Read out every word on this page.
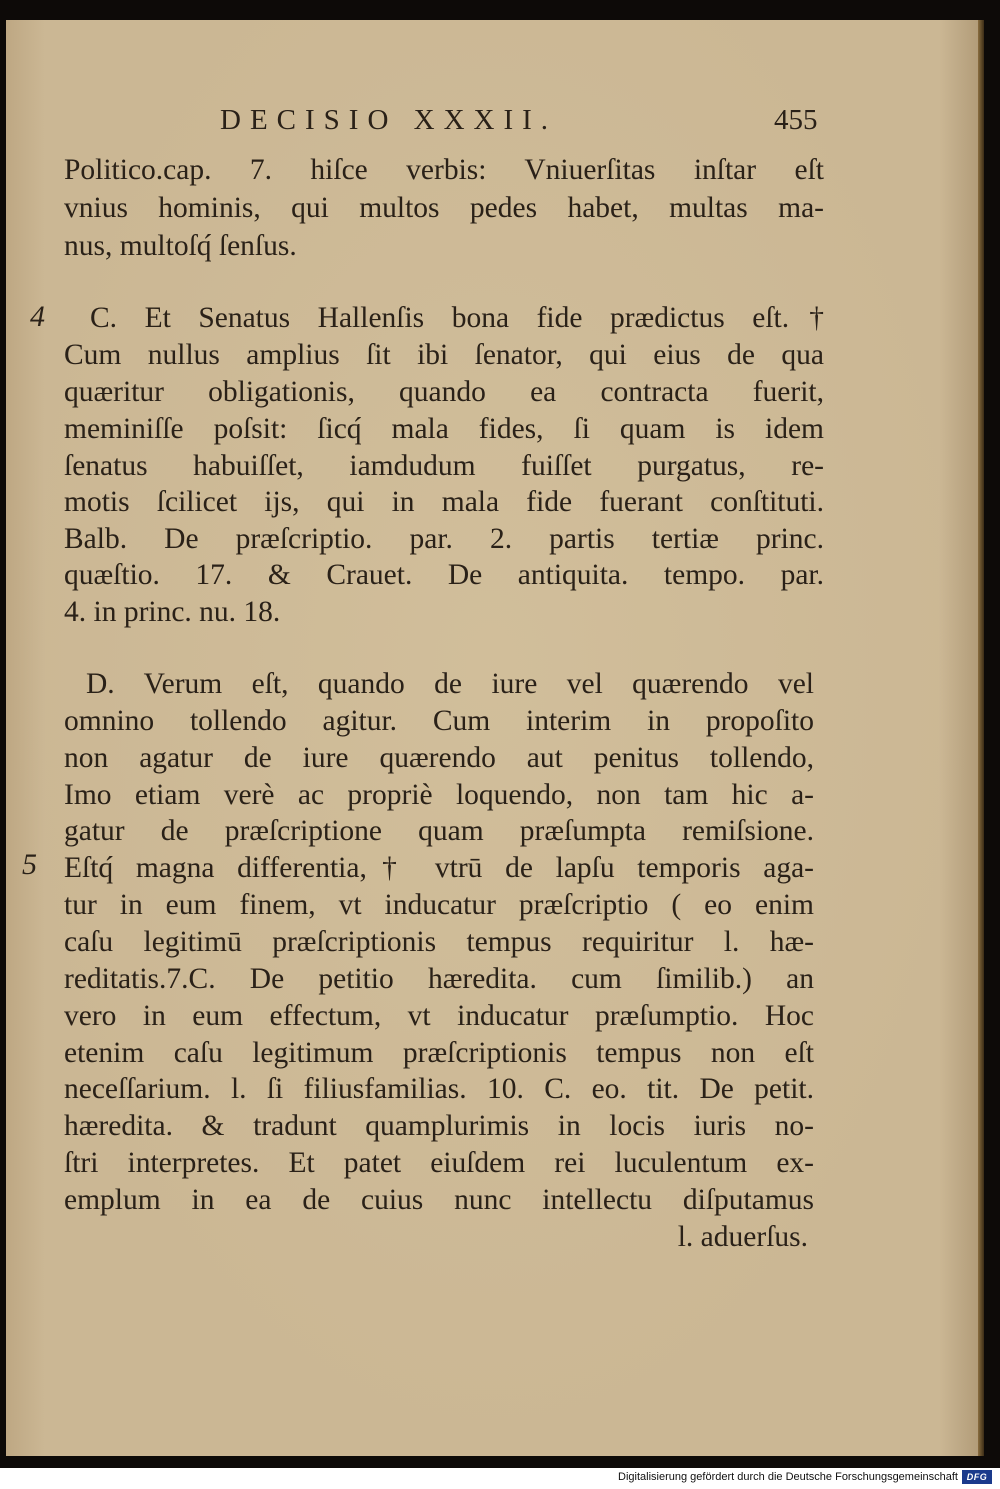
DECISIO XXXII.	455
4
5
Politico.cap. 7. hiſce verbis: Vniuerſitas inſtar eſt
vnius hominis, qui multos pedes habet, multas ma-
nus, multoſq́ ſenſus.
C. Et Senatus Hallenſis bona fide prædictus eſt.†
Cum nullus amplius ſit ibi ſenator, qui eius de qua
quæritur obligationis, quando ea contracta fuerit,
meminiſſe poſsit: ſicq́ mala fides, ſi quam is idem
ſenatus habuiſſet, iamdudum fuiſſet purgatus, re-
motis ſcilicet ijs, qui in mala fide fuerant conſtituti.
Balb. De præſcriptio. par. 2. partis tertiæ princ.
quæſtio. 17. & Crauet. De antiquita. tempo. par.
4. in princ. nu. 18.
D. Verum eſt, quando de iure vel quærendo vel
omnino tollendo agitur. Cum interim in propoſito
non agatur de iure quærendo aut penitus tollendo,
Imo etiam verè ac propriè loquendo, non tam hic a-
gatur de præſcriptione quam præſumpta remiſsione.
Eſtq́ magna differentia,† vtrū de lapſu temporis aga-
tur in eum finem, vt inducatur præſcriptio ( eo enim
caſu legitimū præſcriptionis tempus requiritur l. hæ-
reditatis.7.C. De petitio hæredita. cum ſimilib.) an
vero in eum effectum, vt inducatur præſumptio. Hoc
etenim caſu legitimum præſcriptionis tempus non eſt
neceſſarium. l. ſi filiusfamilias. 10. C. eo. tit. De petit.
hæredita. & tradunt quamplurimis in locis iuris no-
ſtri interpretes. Et patet eiuſdem rei luculentum ex-
emplum in ea de cuius nunc intellectu diſputamus
l. aduerſus.
Digitalisierung gefördert durch die Deutsche Forschungsgemeinschaft DFG
